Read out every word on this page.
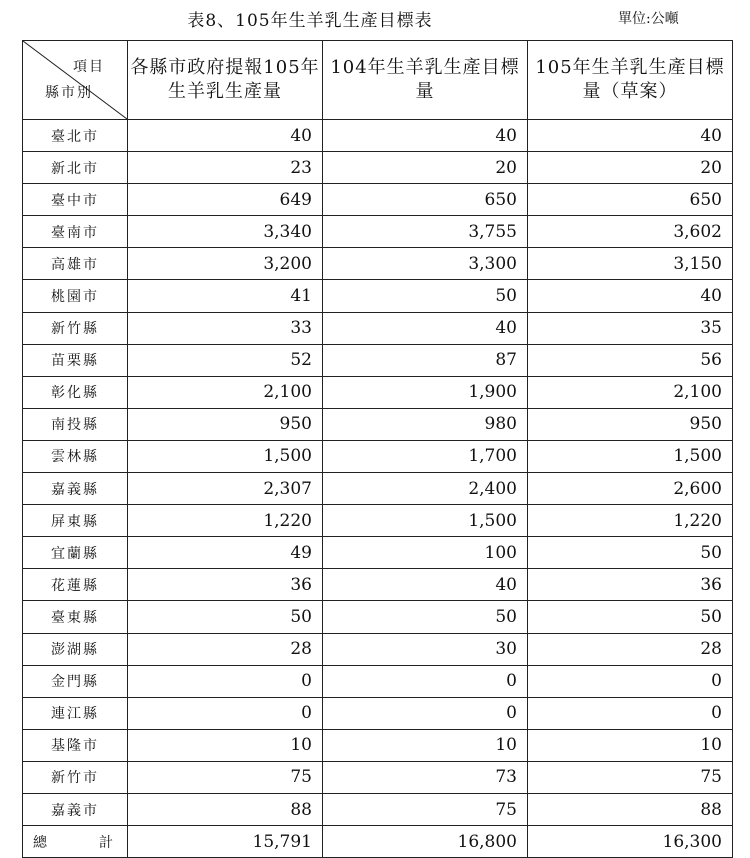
表8、105年生羊乳生產目標表	單位:公噸
項目
縣市別	各縣市政府提報105年生羊乳生產量	104年生羊乳生產目標量	105年生羊乳生產目標量（草案）
臺北市	40	40	40
新北市	23	20	20
臺中市	649	650	650
臺南市	3,340	3,755	3,602
高雄市	3,200	3,300	3,150
桃園市	41	50	40
新竹縣	33	40	35
苗栗縣	52	87	56
彰化縣	2,100	1,900	2,100
南投縣	950	980	950
雲林縣	1,500	1,700	1,500
嘉義縣	2,307	2,400	2,600
屏東縣	1,220	1,500	1,220
宜蘭縣	49	100	50
花蓮縣	36	40	36
臺東縣	50	50	50
澎湖縣	28	30	28
金門縣	0	0	0
連江縣	0	0	0
基隆市	10	10	10
新竹市	75	73	75
嘉義市	88	75	88

總 計	15,791	16,800	16,300
